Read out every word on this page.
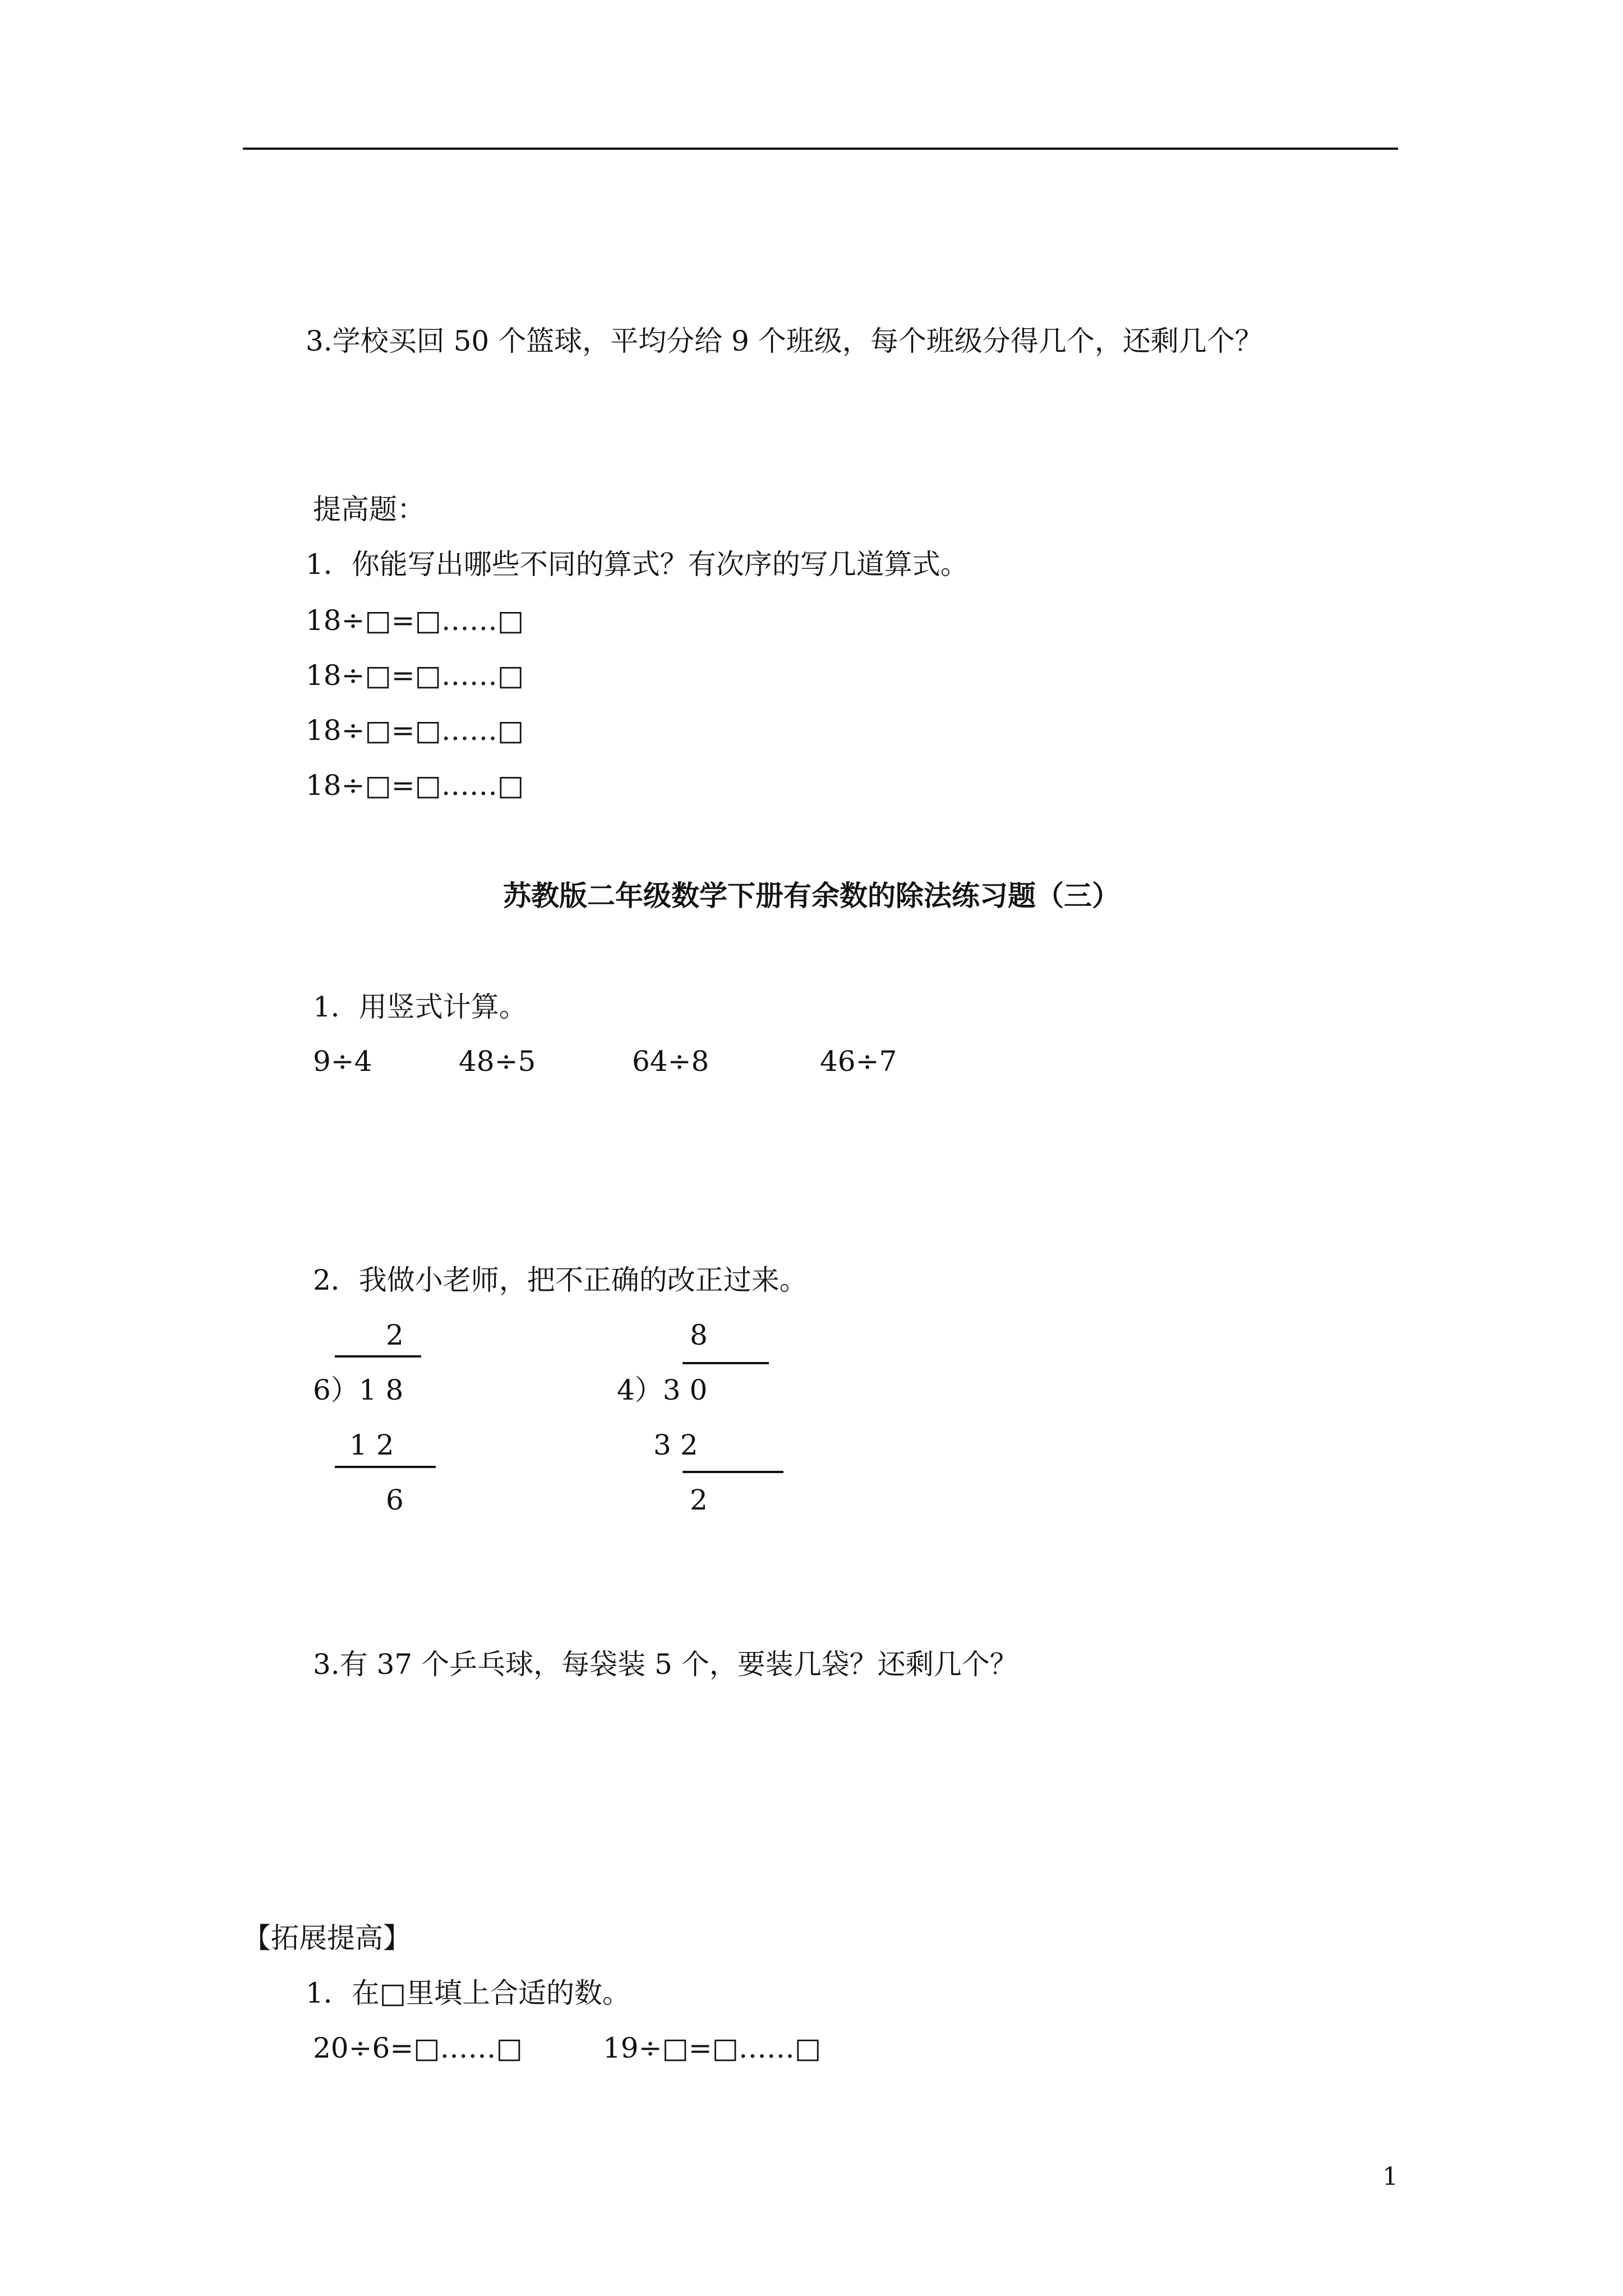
3.学校买回 50 个篮球，平均分给 9 个班级，每个班级分得几个，还剩几个？
提高题：
1．你能写出哪些不同的算式？有次序的写几道算式。
18÷□=□……□
18÷□=□……□
18÷□=□……□
18÷□=□……□
苏教版二年级数学下册有余数的除法练习题（三）
1．用竖式计算。
9÷4	48÷5	64÷8	46÷7
2．我做小老师，把不正确的改正过来。
2
6）1 8
1 2
6
8
4）3 0
3 2
2
3.有 37 个乒乓球，每袋装 5 个，要装几袋？还剩几个？
【拓展提高】
1．在□里填上合适的数。
20÷6=□……□	19÷□=□……□
1
